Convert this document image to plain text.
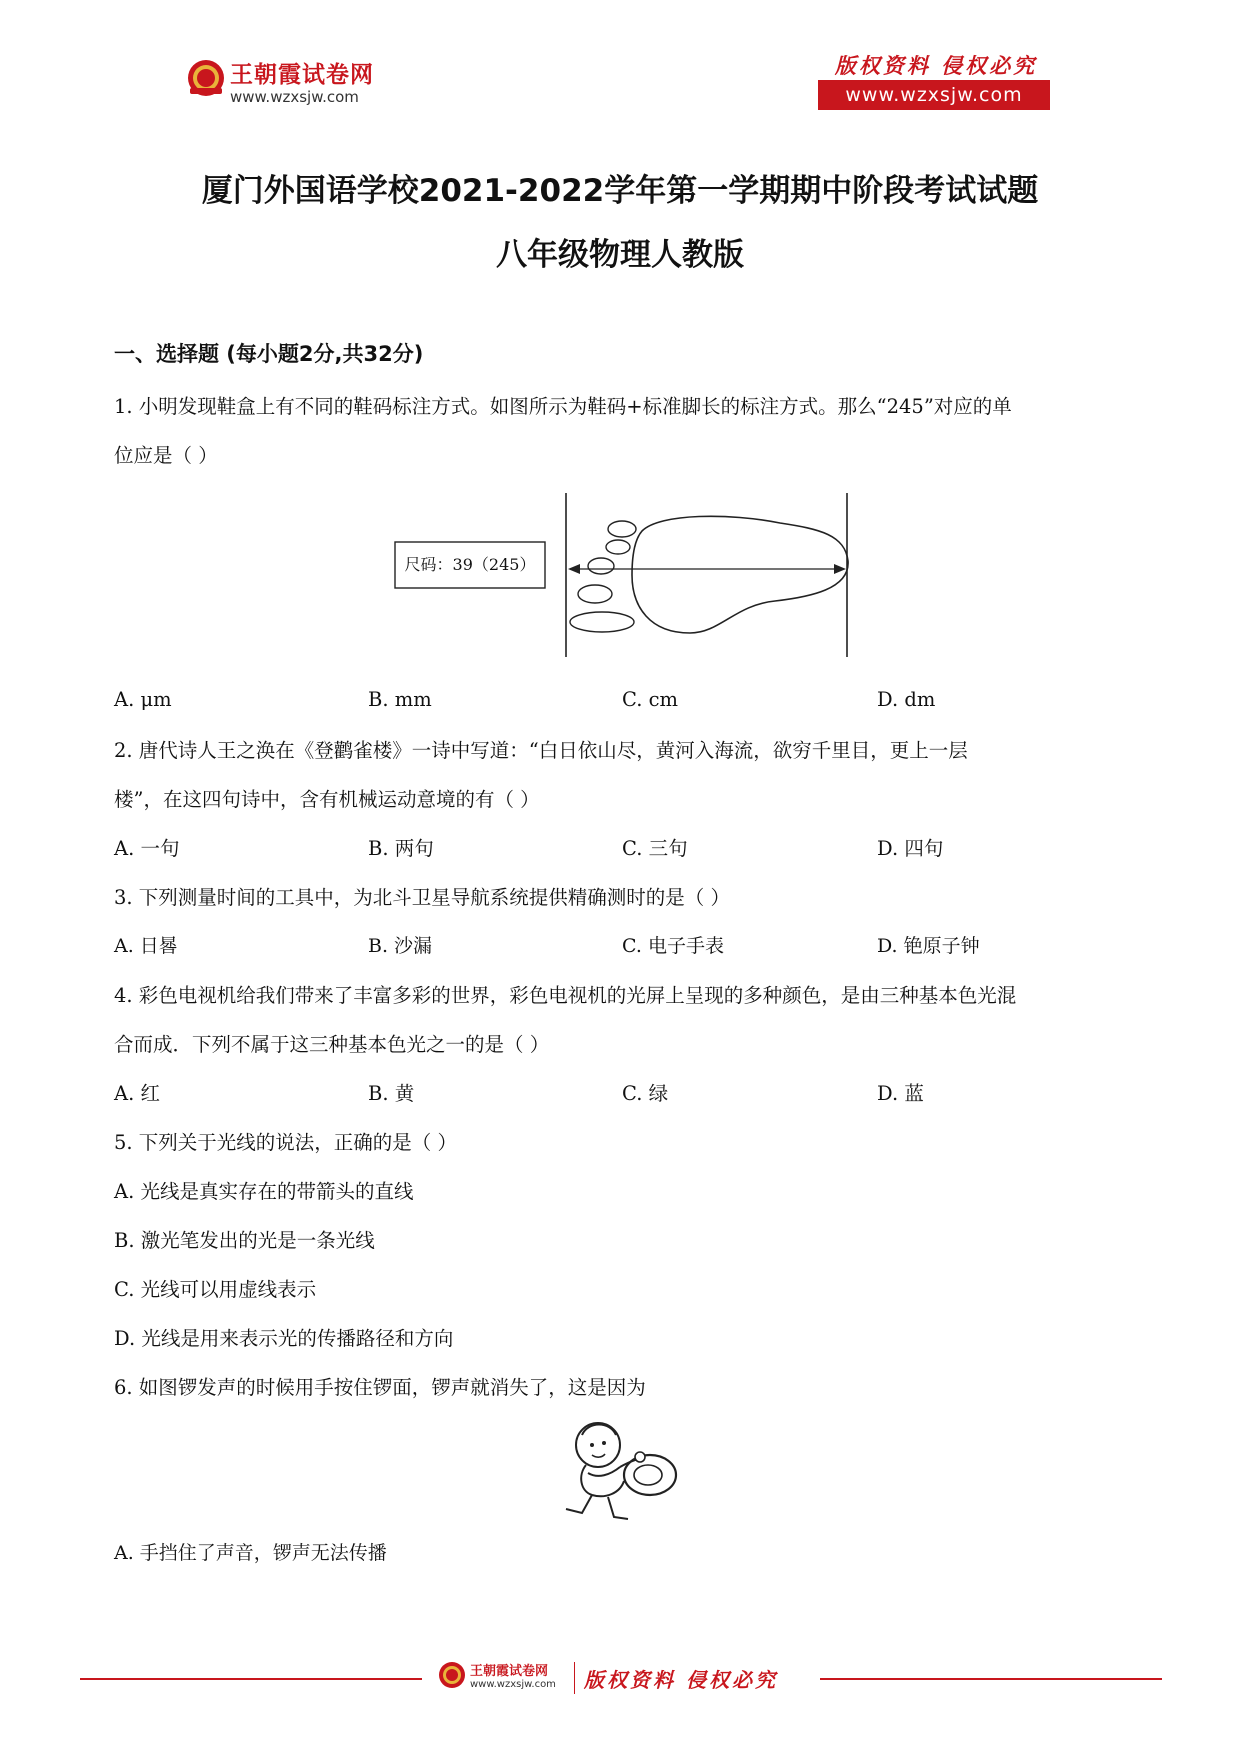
王朝霞试卷网
www.wzxsjw.com
版权资料 侵权必究
www.wzxsjw.com
厦门外国语学校2021-2022学年第一学期期中阶段考试试题
八年级物理人教版
一、选择题 (每小题2分,共32分)
1. 小明发现鞋盒上有不同的鞋码标注方式。如图所示为鞋码+标准脚长的标注方式。那么“245”对应的单
位应是（ ）
尺码：39（245）
A. μm	B. mm	C. cm	D. dm
2. 唐代诗人王之涣在《登鹳雀楼》一诗中写道：“白日依山尽，黄河入海流，欲穷千里目，更上一层
楼”，在这四句诗中，含有机械运动意境的有（ ）
A. 一句	B. 两句	C. 三句	D. 四句
3. 下列测量时间的工具中，为北斗卫星导航系统提供精确测时的是（ ）
A. 日晷	B. 沙漏	C. 电子手表	D. 铯原子钟
4. 彩色电视机给我们带来了丰富多彩的世界，彩色电视机的光屏上呈现的多种颜色，是由三种基本色光混
合而成．下列不属于这三种基本色光之一的是（ ）
A. 红	B. 黄	C. 绿	D. 蓝
5. 下列关于光线的说法，正确的是（ ）
A. 光线是真实存在的带箭头的直线
B. 激光笔发出的光是一条光线
C. 光线可以用虚线表示
D. 光线是用来表示光的传播路径和方向
6. 如图锣发声的时候用手按住锣面，锣声就消失了，这是因为
A. 手挡住了声音，锣声无法传播
王朝霞试卷网
www.wzxsjw.com 版权资料 侵权必究
